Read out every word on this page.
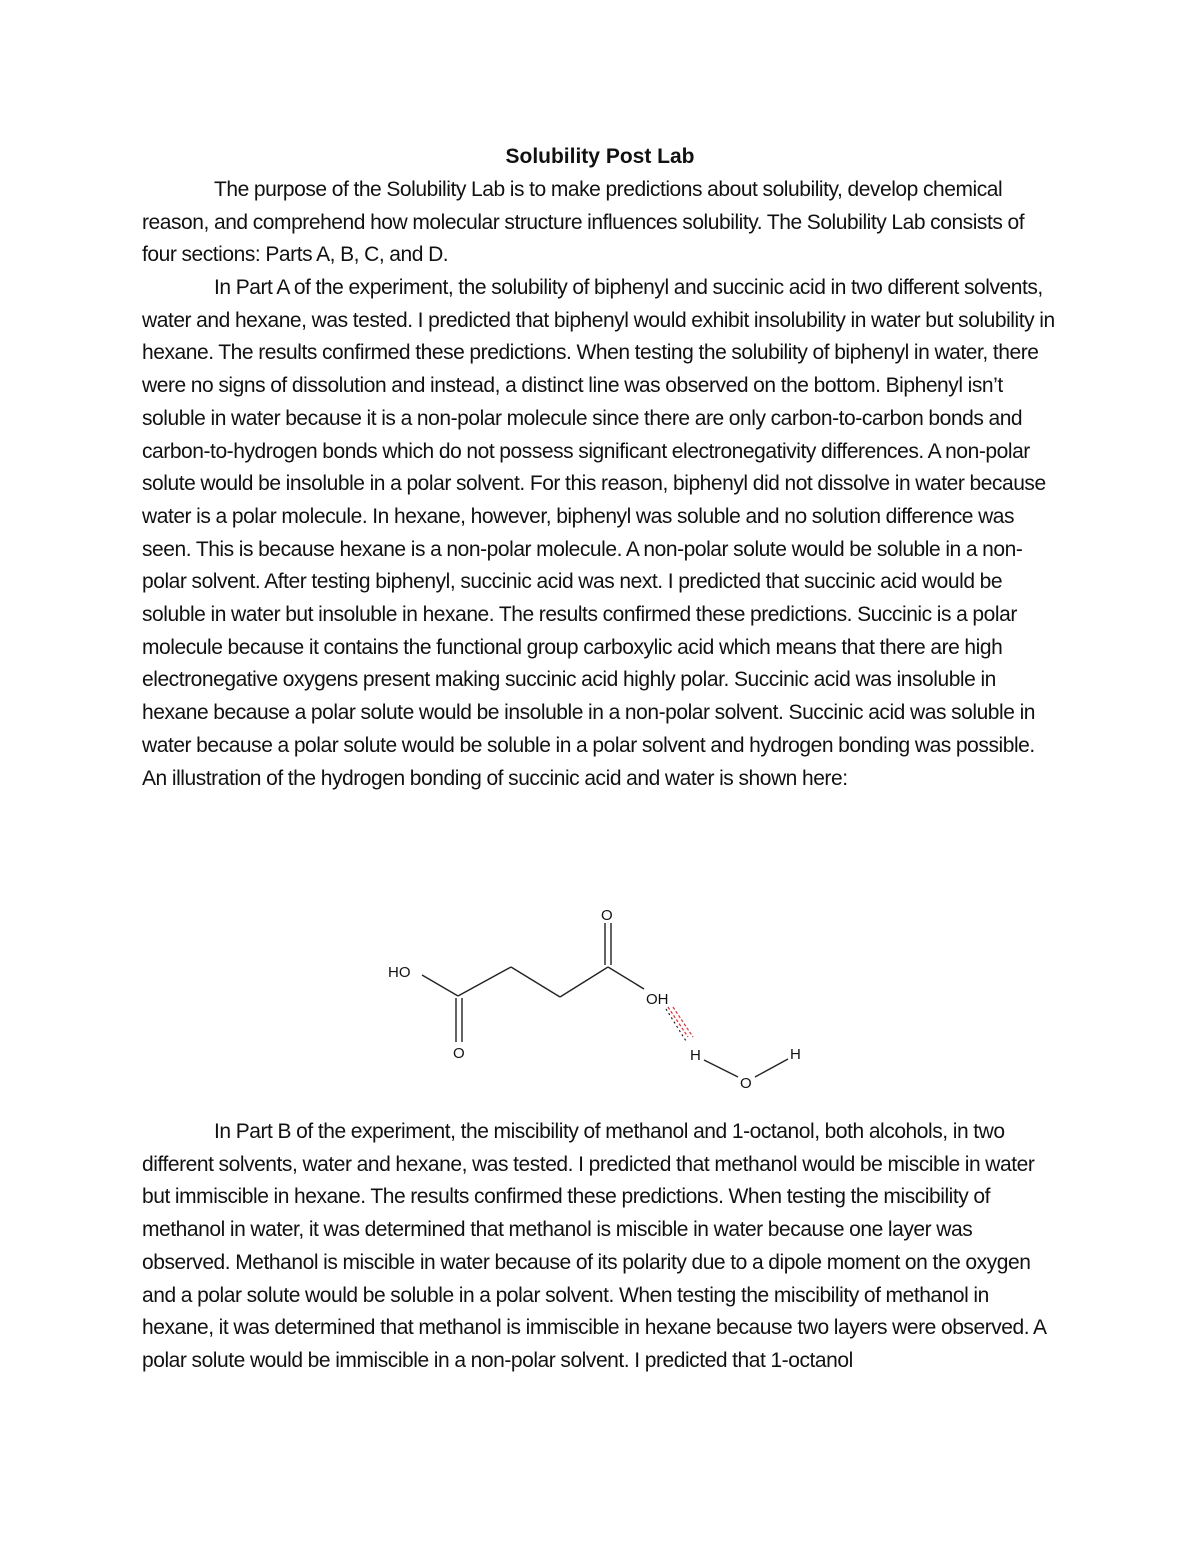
Solubility Post Lab

The purpose of the Solubility Lab is to make predictions about solubility, develop chemical reason, and comprehend how molecular structure influences solubility. The Solubility Lab consists of four sections: Parts A, B, C, and D.

In Part A of the experiment, the solubility of biphenyl and succinic acid in two different solvents, water and hexane, was tested. I predicted that biphenyl would exhibit insolubility in water but solubility in hexane. The results confirmed these predictions. When testing the solubility of biphenyl in water, there were no signs of dissolution and instead, a distinct line was observed on the bottom. Biphenyl isn’t soluble in water because it is a non-polar molecule since there are only carbon-to-carbon bonds and carbon-to-hydrogen bonds which do not possess significant electronegativity differences. A non-polar solute would be insoluble in a polar solvent. For this reason, biphenyl did not dissolve in water because water is a polar molecule. In hexane, however, biphenyl was soluble and no solution difference was seen. This is because hexane is a non-polar molecule. A non-polar solute would be soluble in a non-polar solvent. After testing biphenyl, succinic acid was next. I predicted that succinic acid would be soluble in water but insoluble in hexane. The results confirmed these predictions. Succinic is a polar molecule because it contains the functional group carboxylic acid which means that there are high electronegative oxygens present making succinic acid highly polar. Succinic acid was insoluble in hexane because a polar solute would be insoluble in a non-polar solvent. Succinic acid was soluble in water because a polar solute would be soluble in a polar solvent and hydrogen bonding was possible. An illustration of the hydrogen bonding of succinic acid and water is shown here:

HO
O
OH
O	H	H
O

In Part B of the experiment, the miscibility of methanol and 1-octanol, both alcohols, in two different solvents, water and hexane, was tested. I predicted that methanol would be miscible in water but immiscible in hexane. The results confirmed these predictions. When testing the miscibility of methanol in water, it was determined that methanol is miscible in water because one layer was observed. Methanol is miscible in water because of its polarity due to a dipole moment on the oxygen and a polar solute would be soluble in a polar solvent. When testing the miscibility of methanol in hexane, it was determined that methanol is immiscible in hexane because two layers were observed. A polar solute would be immiscible in a non-polar solvent. I predicted that 1-octanol
